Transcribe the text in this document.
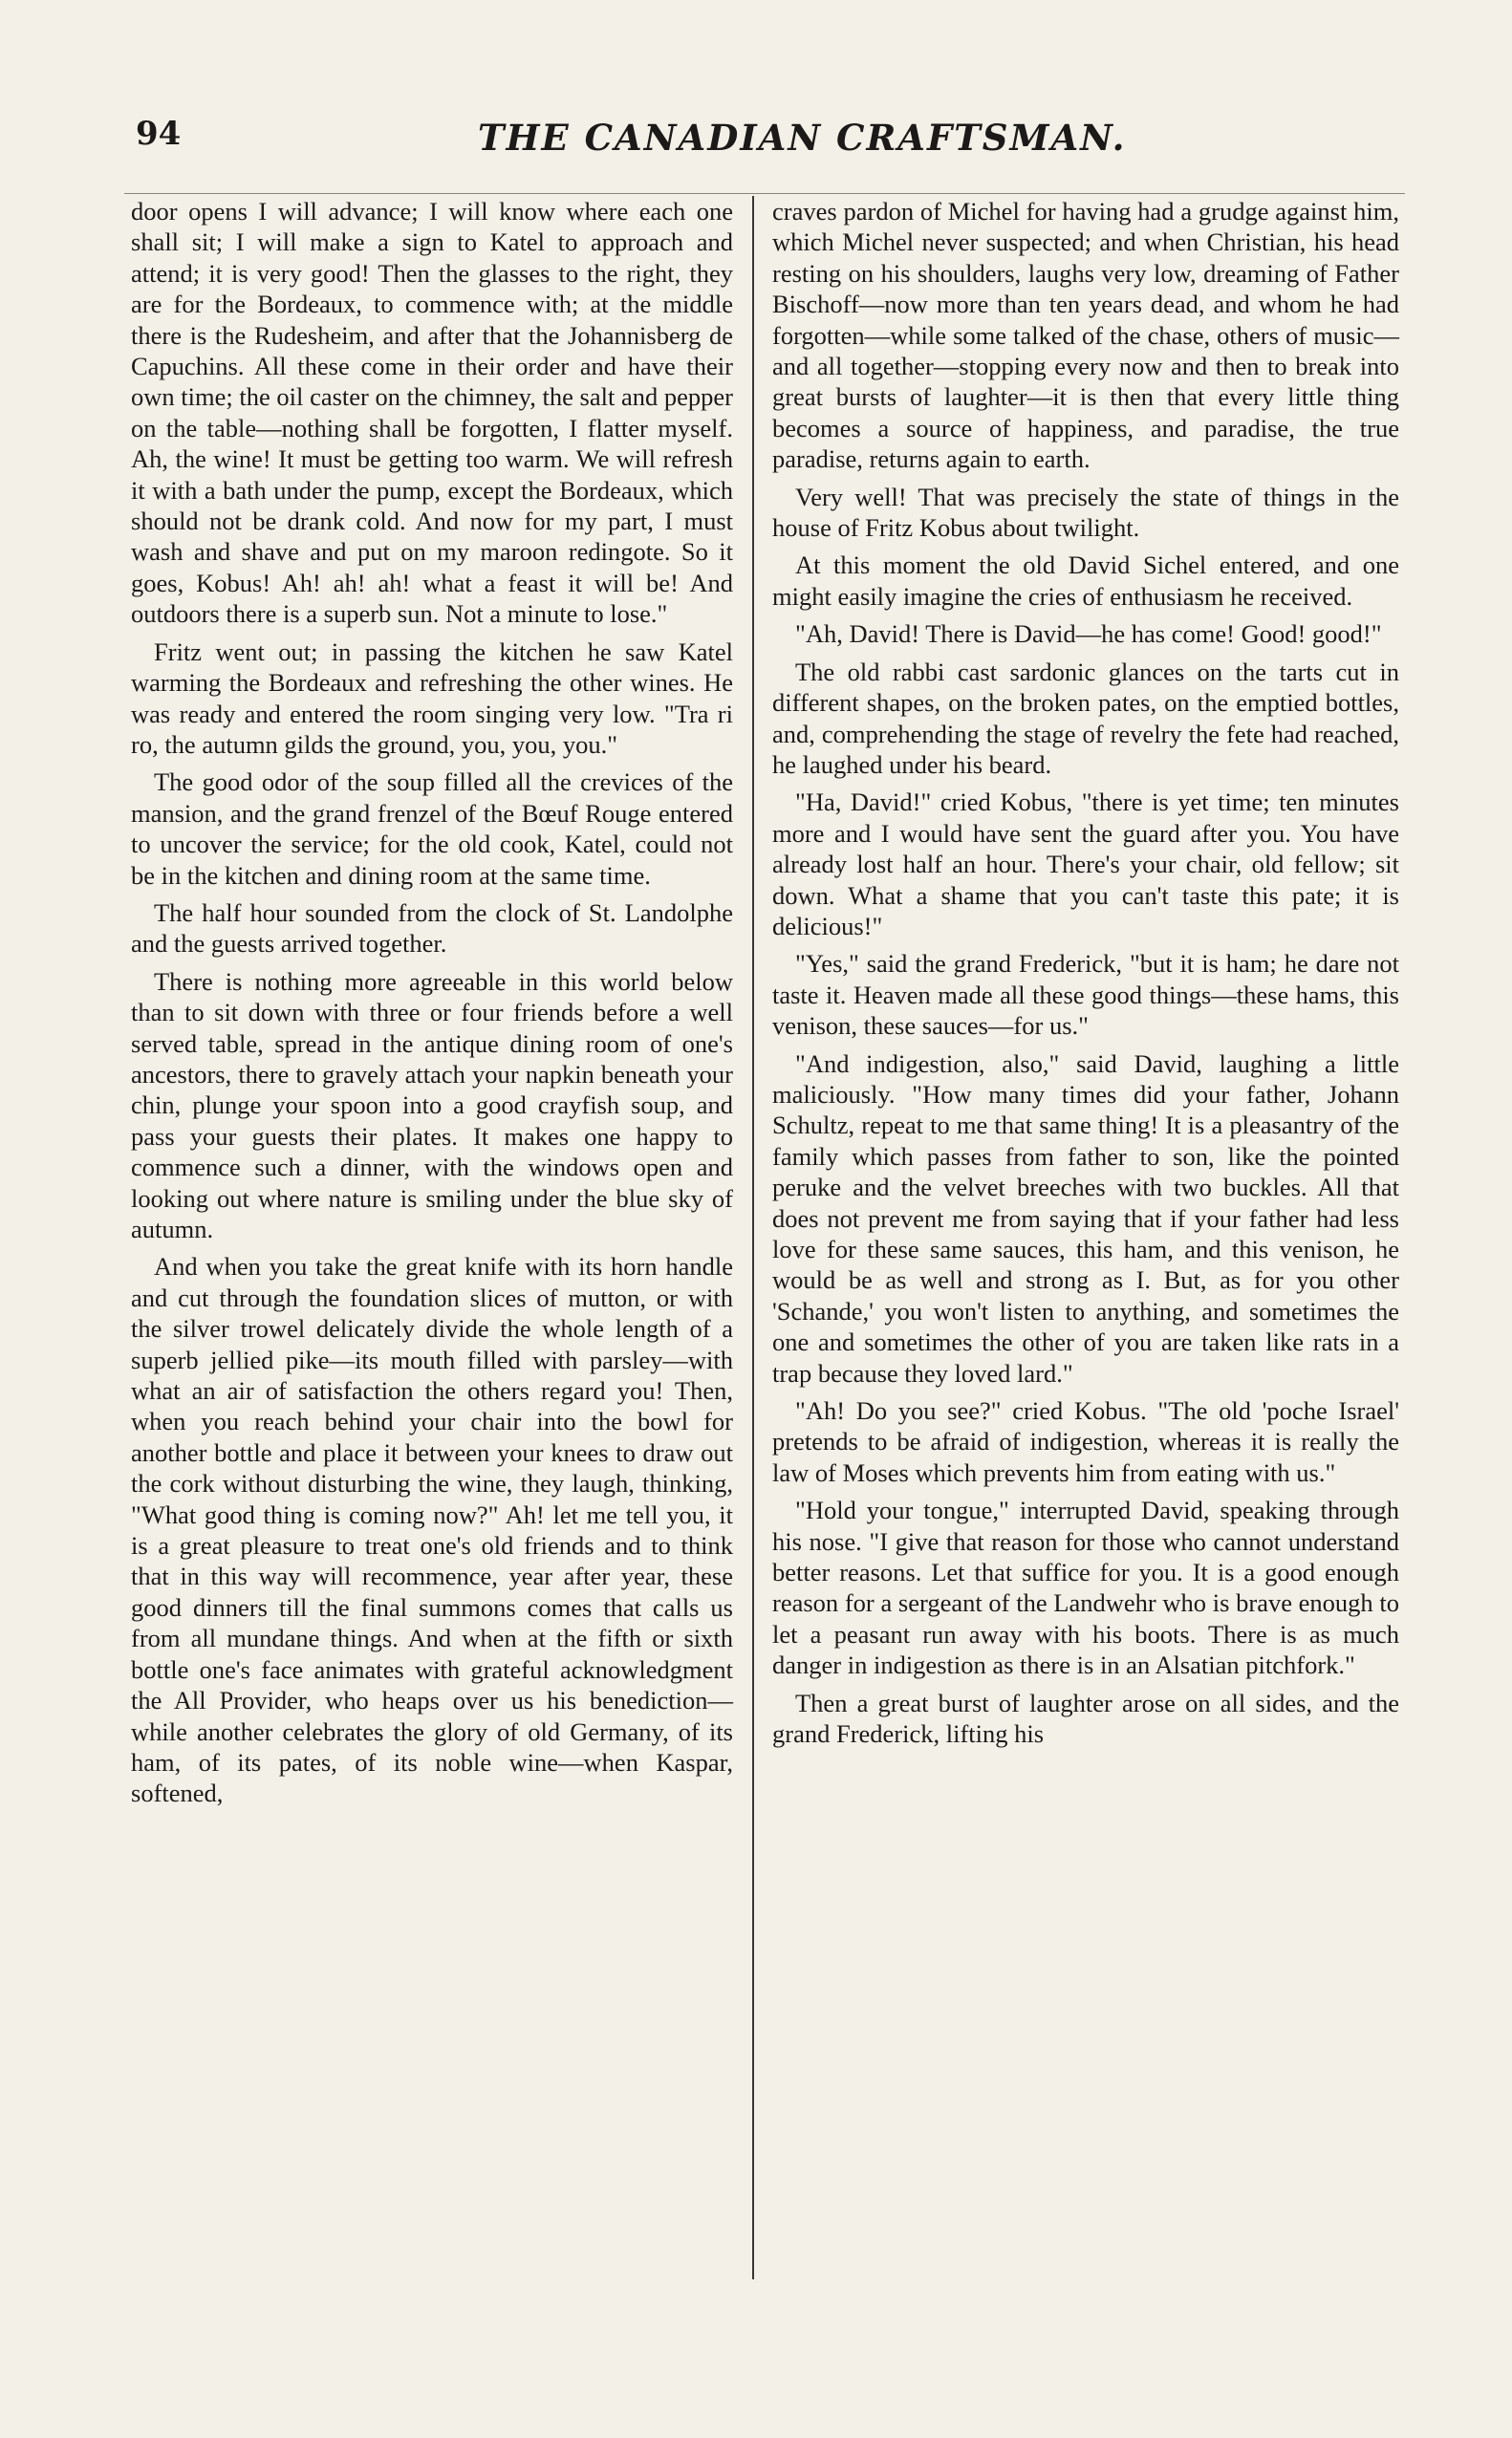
94	THE CANADIAN CRAFTSMAN.

door opens I will advance; I will know where each one shall sit; I will make a sign to Katel to approach and attend; it is very good! Then the glasses to the right, they are for the Bordeaux, to commence with; at the middle there is the Rudesheim, and after that the Johannisberg de Capuchins. All these come in their order and have their own time; the oil caster on the chimney, the salt and pepper on the table—nothing shall be forgotten, I flatter myself. Ah, the wine! It must be getting too warm. We will refresh it with a bath under the pump, except the Bordeaux, which should not be drank cold. And now for my part, I must wash and shave and put on my maroon redingote. So it goes, Kobus! Ah! ah! ah! what a feast it will be! And outdoors there is a superb sun. Not a minute to lose."

Fritz went out; in passing the kitchen he saw Katel warming the Bordeaux and refreshing the other wines. He was ready and entered the room singing very low. "Tra ri ro, the autumn gilds the ground, you, you, you."

The good odor of the soup filled all the crevices of the mansion, and the grand frenzel of the Bœuf Rouge entered to uncover the service; for the old cook, Katel, could not be in the kitchen and dining room at the same time.

The half hour sounded from the clock of St. Landolphe and the guests arrived together.

There is nothing more agreeable in this world below than to sit down with three or four friends before a well served table, spread in the antique dining room of one's ancestors, there to gravely attach your napkin beneath your chin, plunge your spoon into a good crayfish soup, and pass your guests their plates. It makes one happy to commence such a dinner, with the windows open and looking out where nature is smiling under the blue sky of autumn.

And when you take the great knife with its horn handle and cut through the foundation slices of mutton, or with the silver trowel delicately divide the whole length of a superb jellied pike—its mouth filled with parsley—with what an air of satisfaction the others regard you! Then, when you reach behind your chair into the bowl for another bottle and place it between your knees to draw out the cork without disturbing the wine, they laugh, thinking, "What good thing is coming now?" Ah! let me tell you, it is a great pleasure to treat one's old friends and to think that in this way will recommence, year after year, these good dinners till the final summons comes that calls us from all mundane things. And when at the fifth or sixth bottle one's face animates with grateful acknowledgment the All Provider, who heaps over us his benediction—while another celebrates the glory of old Germany, of its ham, of its pates, of its noble wine—when Kaspar, softened,

craves pardon of Michel for having had a grudge against him, which Michel never suspected; and when Christian, his head resting on his shoulders, laughs very low, dreaming of Father Bischoff—now more than ten years dead, and whom he had forgotten—while some talked of the chase, others of music—and all together—stopping every now and then to break into great bursts of laughter—it is then that every little thing becomes a source of happiness, and paradise, the true paradise, returns again to earth.

Very well! That was precisely the state of things in the house of Fritz Kobus about twilight.

At this moment the old David Sichel entered, and one might easily imagine the cries of enthusiasm he received.

"Ah, David! There is David—he has come! Good! good!"

The old rabbi cast sardonic glances on the tarts cut in different shapes, on the broken pates, on the emptied bottles, and, comprehending the stage of revelry the fete had reached, he laughed under his beard.

"Ha, David!" cried Kobus, "there is yet time; ten minutes more and I would have sent the guard after you. You have already lost half an hour. There's your chair, old fellow; sit down. What a shame that you can't taste this pate; it is delicious!"

"Yes," said the grand Frederick, "but it is ham; he dare not taste it. Heaven made all these good things—these hams, this venison, these sauces—for us."

"And indigestion, also," said David, laughing a little maliciously. "How many times did your father, Johann Schultz, repeat to me that same thing! It is a pleasantry of the family which passes from father to son, like the pointed peruke and the velvet breeches with two buckles. All that does not prevent me from saying that if your father had less love for these same sauces, this ham, and this venison, he would be as well and strong as I. But, as for you other 'Schande,' you won't listen to anything, and sometimes the one and sometimes the other of you are taken like rats in a trap because they loved lard."

"Ah! Do you see?" cried Kobus. "The old 'poche Israel' pretends to be afraid of indigestion, whereas it is really the law of Moses which prevents him from eating with us."

"Hold your tongue," interrupted David, speaking through his nose. "I give that reason for those who cannot understand better reasons. Let that suffice for you. It is a good enough reason for a sergeant of the Landwehr who is brave enough to let a peasant run away with his boots. There is as much danger in indigestion as there is in an Alsatian pitchfork."

Then a great burst of laughter arose on all sides, and the grand Frederick, lifting his
